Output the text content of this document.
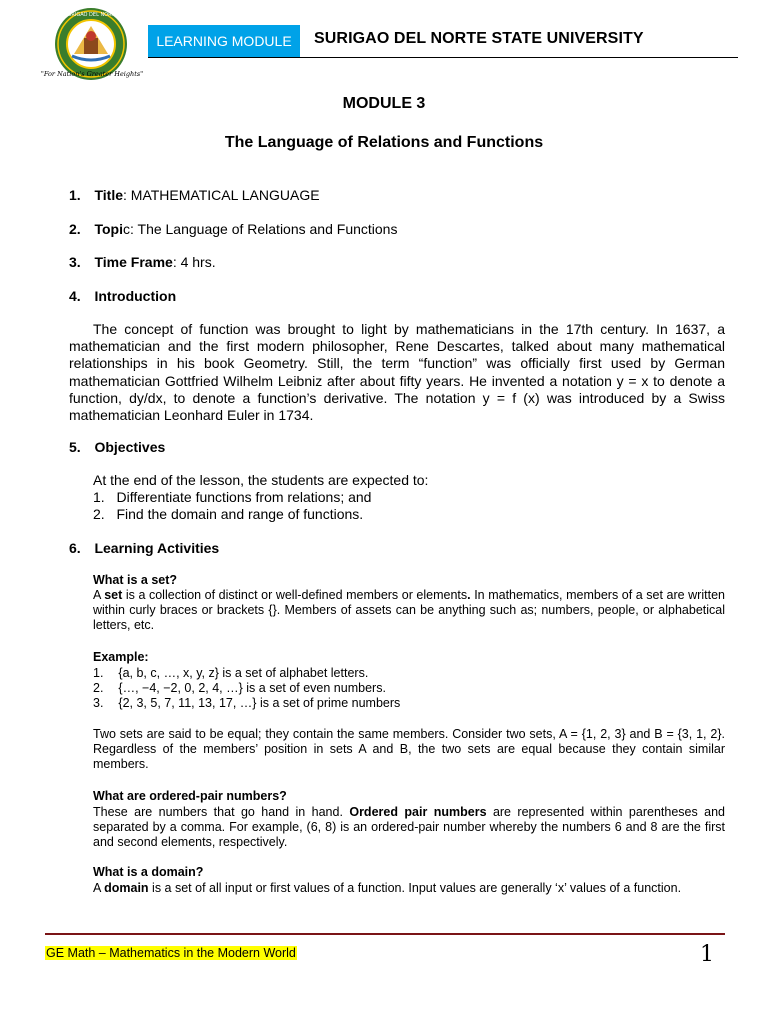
SURIGAO DEL NORTE
"For Nation's Greater Heights"
LEARNING MODULE	SURIGAO DEL NORTE STATE UNIVERSITY
MODULE 3
The Language of Relations and Functions
1. Title: MATHEMATICAL LANGUAGE
2. Topic: The Language of Relations and Functions
3. Time Frame: 4 hrs.
4. Introduction
The concept of function was brought to light by mathematicians in the 17th century. In 1637, a mathematician and the first modern philosopher, Rene Descartes, talked about many mathematical relationships in his book Geometry. Still, the term “function” was officially first used by German mathematician Gottfried Wilhelm Leibniz after about fifty years. He invented a notation y = x to denote a function, dy/dx, to denote a function’s derivative. The notation y = f (x) was introduced by a Swiss mathematician Leonhard Euler in 1734.
5. Objectives
At the end of the lesson, the students are expected to:
1. Differentiate functions from relations; and
2. Find the domain and range of functions.
6. Learning Activities
What is a set?
A set is a collection of distinct or well-defined members or elements. In mathematics, members of a set are written within curly braces or brackets {}. Members of assets can be anything such as; numbers, people, or alphabetical letters, etc.
Example:
1. {a, b, c, …, x, y, z} is a set of alphabet letters.
2. {…, −4, −2, 0, 2, 4, …} is a set of even numbers.
3. {2, 3, 5, 7, 11, 13, 17, …} is a set of prime numbers
Two sets are said to be equal; they contain the same members. Consider two sets, A = {1, 2, 3} and B = {3, 1, 2}. Regardless of the members’ position in sets A and B, the two sets are equal because they contain similar members.
What are ordered-pair numbers?
These are numbers that go hand in hand. Ordered pair numbers are represented within parentheses and separated by a comma. For example, (6, 8) is an ordered-pair number whereby the numbers 6 and 8 are the first and second elements, respectively.
What is a domain?
A domain is a set of all input or first values of a function. Input values are generally ‘x’ values of a function.
GE Math – Mathematics in the Modern World	1
